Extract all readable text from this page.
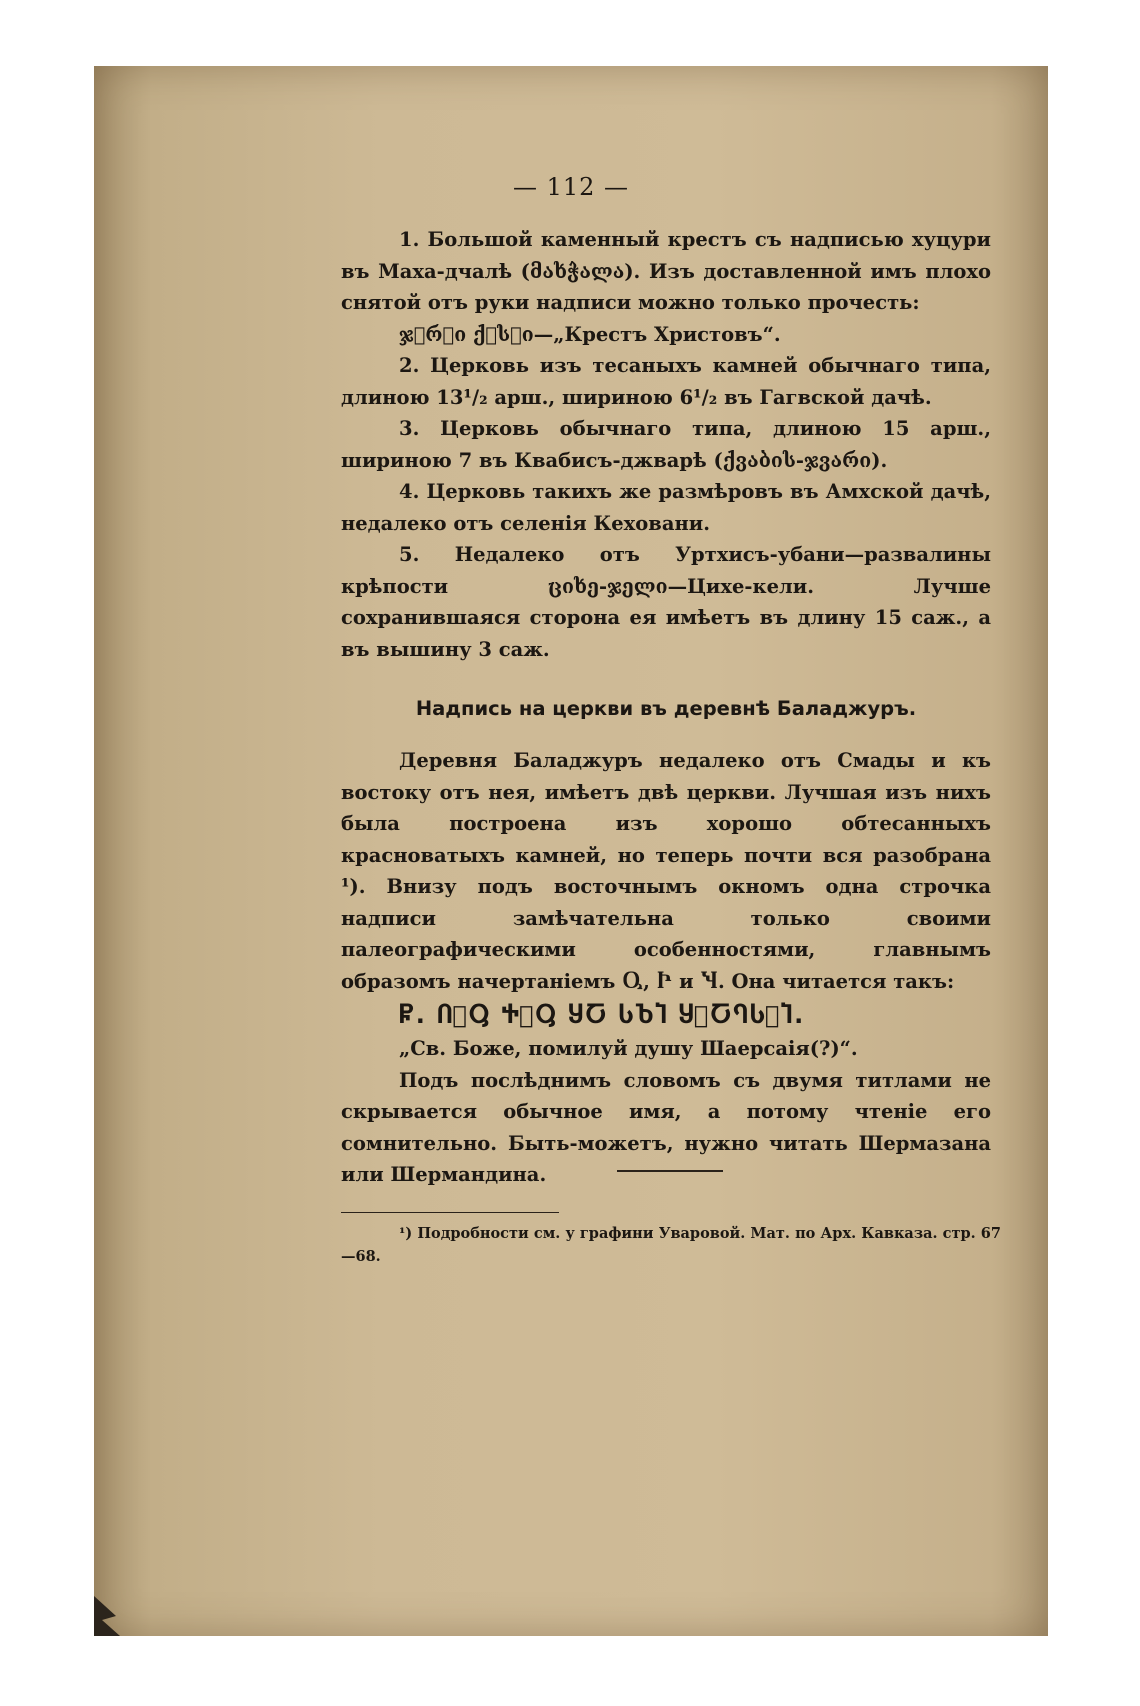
— 112 —

1. Большой каменный крестъ съ надписью хуцури въ Маха-дчалѣ (მახჭალა). Изъ доставленной имъ плохо снятой отъ руки надписи можно только прочесть:

ჯ︦რ︦ი ქ︦ს︦ი—„Крестъ Христовъ“.

2. Церковь изъ тесаныхъ камней обычнаго типа, длиною 13¹/₂ арш., шириною 6¹/₂ въ Гагвской дачѣ.

3. Церковь обычнаго типа, длиною 15 арш., шириною 7 въ Квабисъ-джварѣ (ქვაბის-ჯვარი).

4. Церковь такихъ же размѣровъ въ Амхской дачѣ, недалеко отъ селенія Кеховани.

5. Недалеко отъ Уртхисъ-убани—развалины крѣпости ციხე-ჯელი—Цихе-кели. Лучше сохранившаяся сторона ея имѣетъ въ длину 15 саж., а въ вышину 3 саж.

Надпись на церкви въ деревнѣ Баладжуръ.

Деревня Баладжуръ недалеко отъ Смады и къ востоку отъ нея, имѣетъ двѣ церкви. Лучшая изъ нихъ была построена изъ хорошо обтесанныхъ красноватыхъ камней, но теперь почти вся разобрана ¹). Внизу подъ восточнымъ окномъ одна строчка надписи замѣчательна только своими палеографическими особенностями, главнымъ образомъ начертаніемъ Ⴓ, Ⴡ и Ⴏ. Она читается такъ:

Ⴜ. Ⴖ︦Ⴓ Ⴕ︦Ⴓ ႸႠ ႱႦႨ Ⴘ︦ႠႤႱ︦Ⴈ.

„Св. Боже, помилуй душу Шаерсаія(?)“.

Подъ послѣднимъ словомъ съ двумя титлами не скрывается обычное имя, а потому чтеніе его сомнительно. Быть-можетъ, нужно читать Шермазана или Шермандина.

¹) Подробности см. у графини Уваровой. Мат. по Арх. Кавказа. стр. 67—68.
